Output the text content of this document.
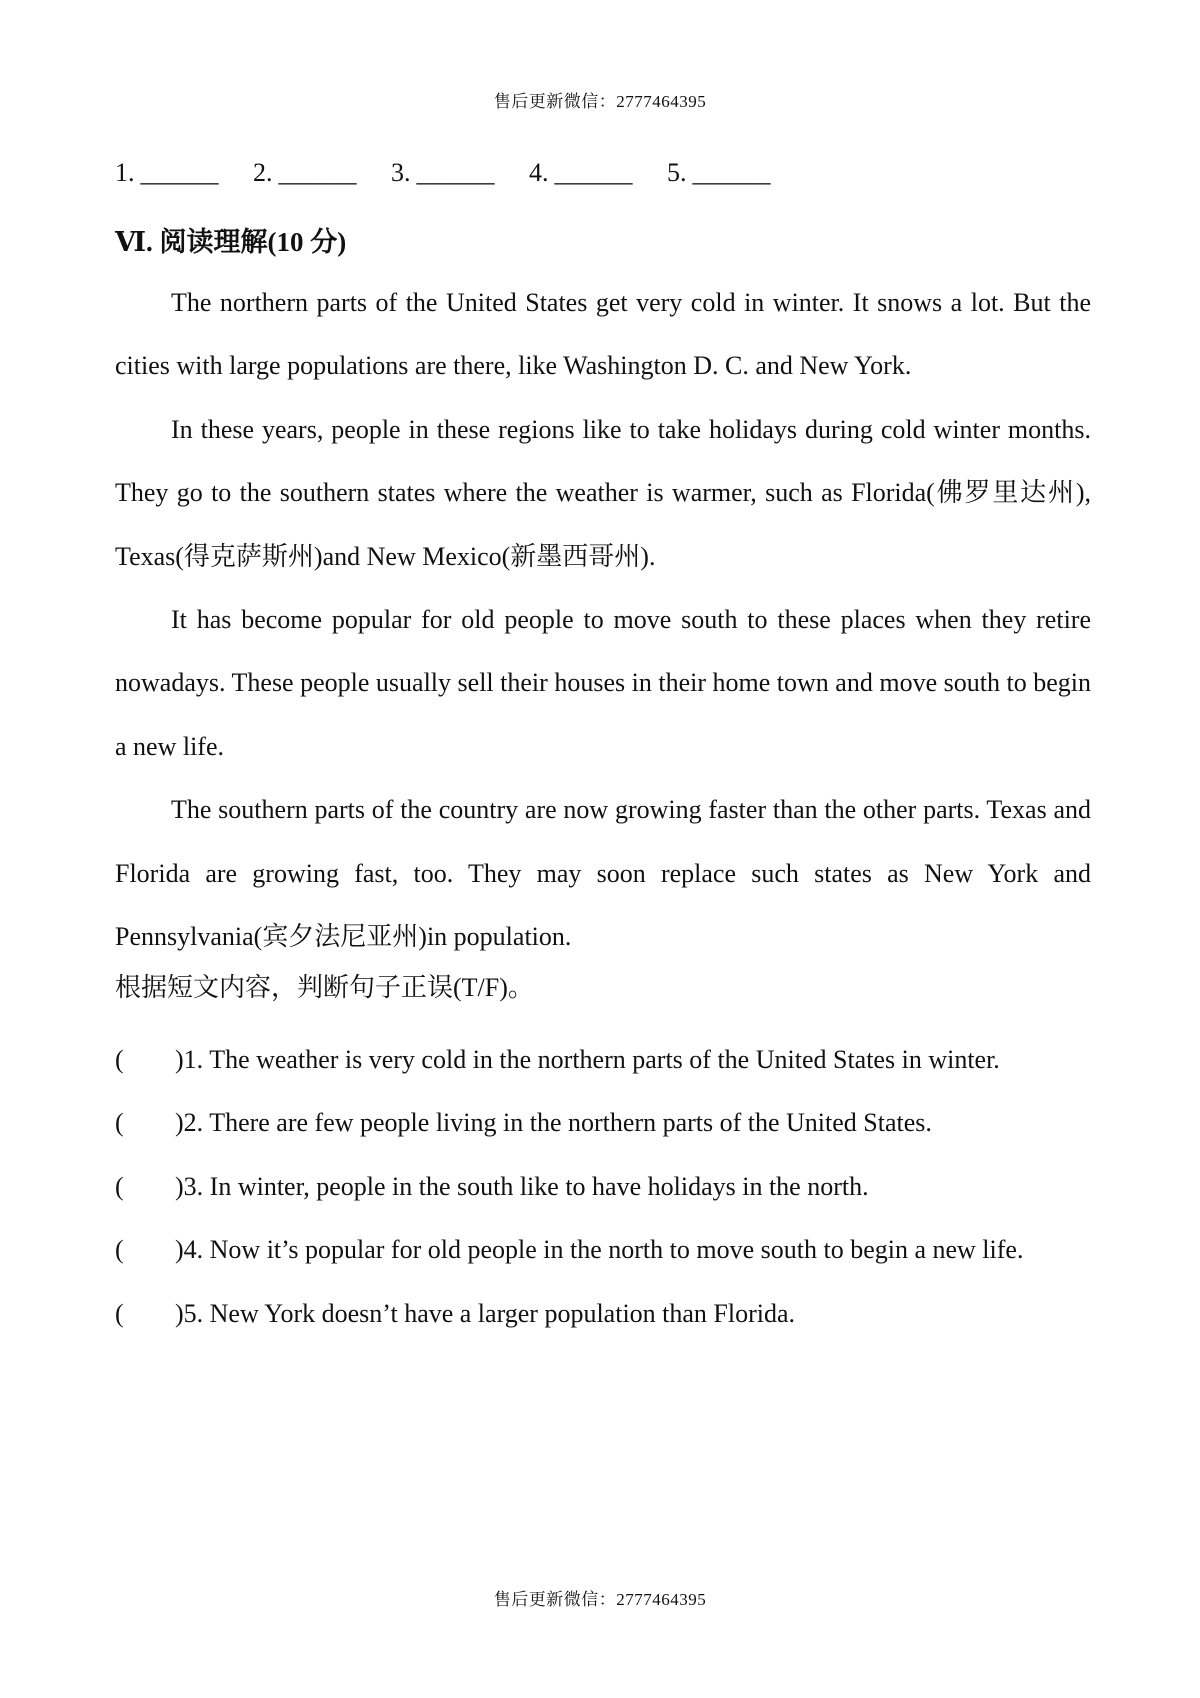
售后更新微信：2777464395
1. ______ 2. ______ 3. ______ 4. ______ 5. ______
Ⅵ. 阅读理解(10 分)

The northern parts of the United States get very cold in winter. It snows a lot. But the cities with large populations are there, like Washington D. C. and New York.

In these years, people in these regions like to take holidays during cold winter months. They go to the southern states where the weather is warmer, such as Florida(佛罗里达州), Texas(得克萨斯州)and New Mexico(新墨西哥州).

It has become popular for old people to move south to these places when they retire nowadays. These people usually sell their houses in their home town and move south to begin a new life.

The southern parts of the country are now growing faster than the other parts. Texas and Florida are growing fast, too. They may soon replace such states as New York and Pennsylvania(宾夕法尼亚州)in population.

根据短文内容，判断句子正误(T/F)。

( )1. The weather is very cold in the northern parts of the United States in winter.

( )2. There are few people living in the northern parts of the United States.

( )3. In winter, people in the south like to have holidays in the north.

( )4. Now it’s popular for old people in the north to move south to begin a new life.

( )5. New York doesn’t have a larger population than Florida.

售后更新微信：2777464395
